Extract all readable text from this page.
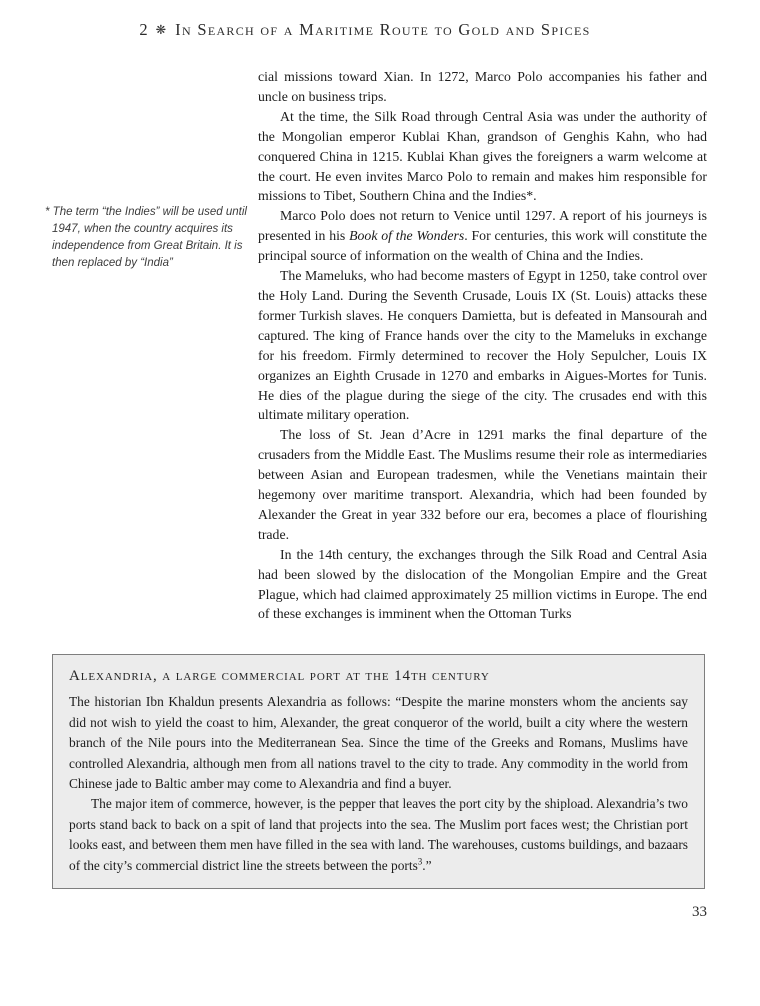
2 ❋ In Search of a Maritime Route to Gold and Spices
* The term “the Indies” will be used until 1947, when the country acquires its independence from Great Britain. It is then replaced by “India”

cial missions toward Xian. In 1272, Marco Polo accompanies his father and uncle on business trips.

At the time, the Silk Road through Central Asia was under the authority of the Mongolian emperor Kublai Khan, grandson of Genghis Kahn, who had conquered China in 1215. Kublai Khan gives the foreigners a warm welcome at the court. He even invites Marco Polo to remain and makes him responsible for missions to Tibet, Southern China and the Indies*.

Marco Polo does not return to Venice until 1297. A report of his journeys is presented in his Book of the Wonders. For centuries, this work will constitute the principal source of information on the wealth of China and the Indies.

The Mameluks, who had become masters of Egypt in 1250, take control over the Holy Land. During the Seventh Crusade, Louis IX (St. Louis) attacks these former Turkish slaves. He conquers Damietta, but is defeated in Mansourah and captured. The king of France hands over the city to the Mameluks in exchange for his freedom. Firmly determined to recover the Holy Sepulcher, Louis IX organizes an Eighth Crusade in 1270 and embarks in Aigues-Mortes for Tunis. He dies of the plague during the siege of the city. The crusades end with this ultimate military operation.

The loss of St. Jean d’Acre in 1291 marks the final departure of the crusaders from the Middle East. The Muslims resume their role as intermediaries between Asian and European tradesmen, while the Venetians maintain their hegemony over maritime transport. Alexandria, which had been founded by Alexander the Great in year 332 before our era, becomes a place of flourishing trade.

In the 14th century, the exchanges through the Silk Road and Central Asia had been slowed by the dislocation of the Mongolian Empire and the Great Plague, which had claimed approximately 25 million victims in Europe. The end of these exchanges is imminent when the Ottoman Turks

Alexandria, a large commercial port at the 14th century

The historian Ibn Khaldun presents Alexandria as follows: “Despite the marine monsters whom the ancients say did not wish to yield the coast to him, Alexander, the great conqueror of the world, built a city where the western branch of the Nile pours into the Mediterranean Sea. Since the time of the Greeks and Romans, Muslims have controlled Alexandria, although men from all nations travel to the city to trade. Any commodity in the world from Chinese jade to Baltic amber may come to Alexandria and find a buyer.

The major item of commerce, however, is the pepper that leaves the port city by the shipload. Alexandria’s two ports stand back to back on a spit of land that projects into the sea. The Muslim port faces west; the Christian port looks east, and between them men have filled in the sea with land. The warehouses, customs buildings, and bazaars of the city’s commercial district line the streets between the ports$^3$.”

33
